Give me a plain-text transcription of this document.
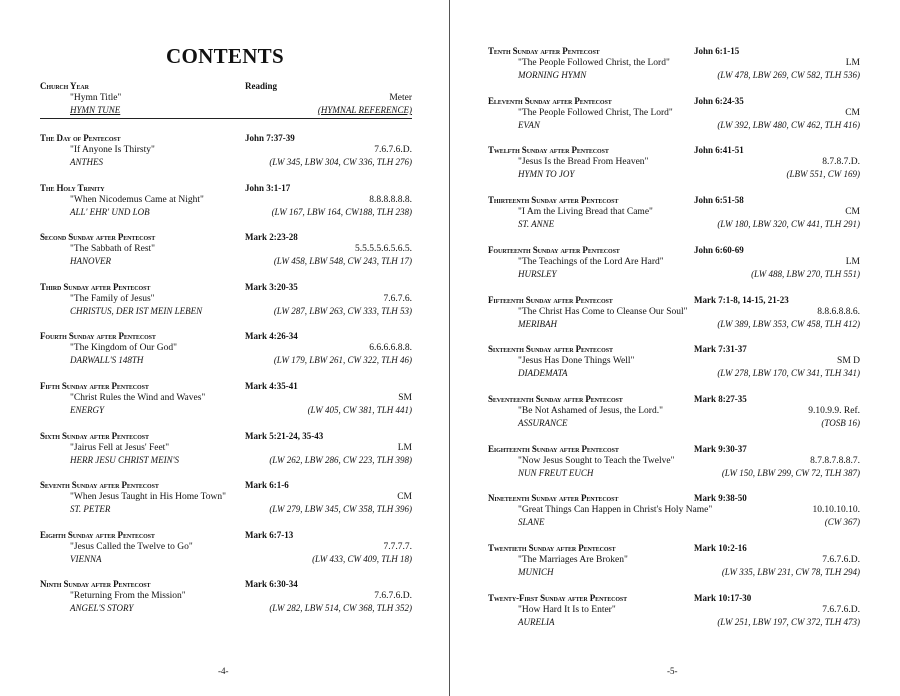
The Day of Pentecost	John 7:37-39
"If Anyone Is Thirsty"	7.6.7.6.D.
ANTHES	(LW 345, LBW 304, CW 336, TLH 276)
The Holy Trinity	John 3:1-17
"When Nicodemus Came at Night"	8.8.8.8.8.8.
ALL' EHR' UND LOB	(LW 167, LBW 164, CW188, TLH 238)
Second Sunday after Pentecost	Mark 2:23-28
"The Sabbath of Rest"	5.5.5.5.6.5.6.5.
HANOVER	(LW 458, LBW 548, CW 243, TLH 17)
Third Sunday after Pentecost	Mark 3:20-35
"The Family of Jesus"	7.6.7.6.
CHRISTUS, DER IST MEIN LEBEN	(LW 287, LBW 263, CW 333, TLH 53)
Fourth Sunday after Pentecost	Mark 4:26-34
"The Kingdom of Our God"	6.6.6.6.8.8.
DARWALL'S 148TH	(LW 179, LBW 261, CW 322, TLH 46)
Fifth Sunday after Pentecost	Mark 4:35-41
"Christ Rules the Wind and Waves"	SM
ENERGY	(LW 405, CW 381, TLH 441)
Sixth Sunday after Pentecost	Mark 5:21-24, 35-43
"Jairus Fell at Jesus' Feet"	LM
HERR JESU CHRIST MEIN'S	(LW 262, LBW 286, CW 223, TLH 398)
Seventh Sunday after Pentecost	Mark 6:1-6
"When Jesus Taught in His Home Town"	CM
ST. PETER	(LW 279, LBW 345, CW 358, TLH 396)
Eighth Sunday after Pentecost	Mark 6:7-13
"Jesus Called the Twelve to Go"	7.7.7.7.
VIENNA	(LW 433, CW 409, TLH 18)
Ninth Sunday after Pentecost	Mark 6:30-34
"Returning From the Mission"	7.6.7.6.D.
ANGEL'S STORY	(LW 282, LBW 514, CW 368, TLH 352)
Tenth Sunday after Pentecost	John 6:1-15
"The People Followed Christ, the Lord"	LM
MORNING HYMN	(LW 478, LBW 269, CW 582, TLH 536)
Eleventh Sunday after Pentecost	John 6:24-35
"The People Followed Christ, The Lord"	CM
EVAN	(LW 392, LBW 480, CW 462, TLH 416)
Twelfth Sunday after Pentecost	John 6:41-51
"Jesus Is the Bread From Heaven"	8.7.8.7.D.
HYMN TO JOY	(LBW 551, CW 169)
Thirteenth Sunday after Pentecost	John 6:51-58
"I Am the Living Bread that Came"	CM
ST. ANNE	(LW 180, LBW 320, CW 441, TLH 291)
Fourteenth Sunday after Pentecost	John 6:60-69
"The Teachings of the Lord Are Hard"	LM
HURSLEY	(LW 488, LBW 270, TLH 551)
Fifteenth Sunday after Pentecost	Mark 7:1-8, 14-15, 21-23
"The Christ Has Come to Cleanse Our Soul"	8.8.6.8.8.6.
MERIBAH	(LW 389, LBW 353, CW 458, TLH 412)
Sixteenth Sunday after Pentecost	Mark 7:31-37
"Jesus Has Done Things Well"	SM D
DIADEMATA	(LW 278, LBW 170, CW 341, TLH 341)
Seventeenth Sunday after Pentecost	Mark 8:27-35
"Be Not Ashamed of Jesus, the Lord."	9.10.9.9. Ref.
ASSURANCE	(TOSB 16)
Eighteenth Sunday after Pentecost	Mark 9:30-37
"Now Jesus Sought to Teach the Twelve"	8.7.8.7.8.8.7.
NUN FREUT EUCH	(LW 150, LBW 299, CW 72, TLH 387)
Nineteenth Sunday after Pentecost	Mark 9:38-50
"Great Things Can Happen in Christ's Holy Name"	10.10.10.10.
SLANE	(CW 367)
Twentieth Sunday after Pentecost	Mark 10:2-16
"The Marriages Are Broken"	7.6.7.6.D.
MUNICH	(LW 335, LBW 231, CW 78, TLH 294)
Twenty-First Sunday after Pentecost	Mark 10:17-30
"How Hard It Is to Enter"	7.6.7.6.D.
AURELIA	(LW 251, LBW 197, CW 372, TLH 473)
CONTENTS
Church Year	Reading
"Hymn Title"	Meter
HYMN TUNE	(HYMNAL REFERENCE)
-4-	-5-
